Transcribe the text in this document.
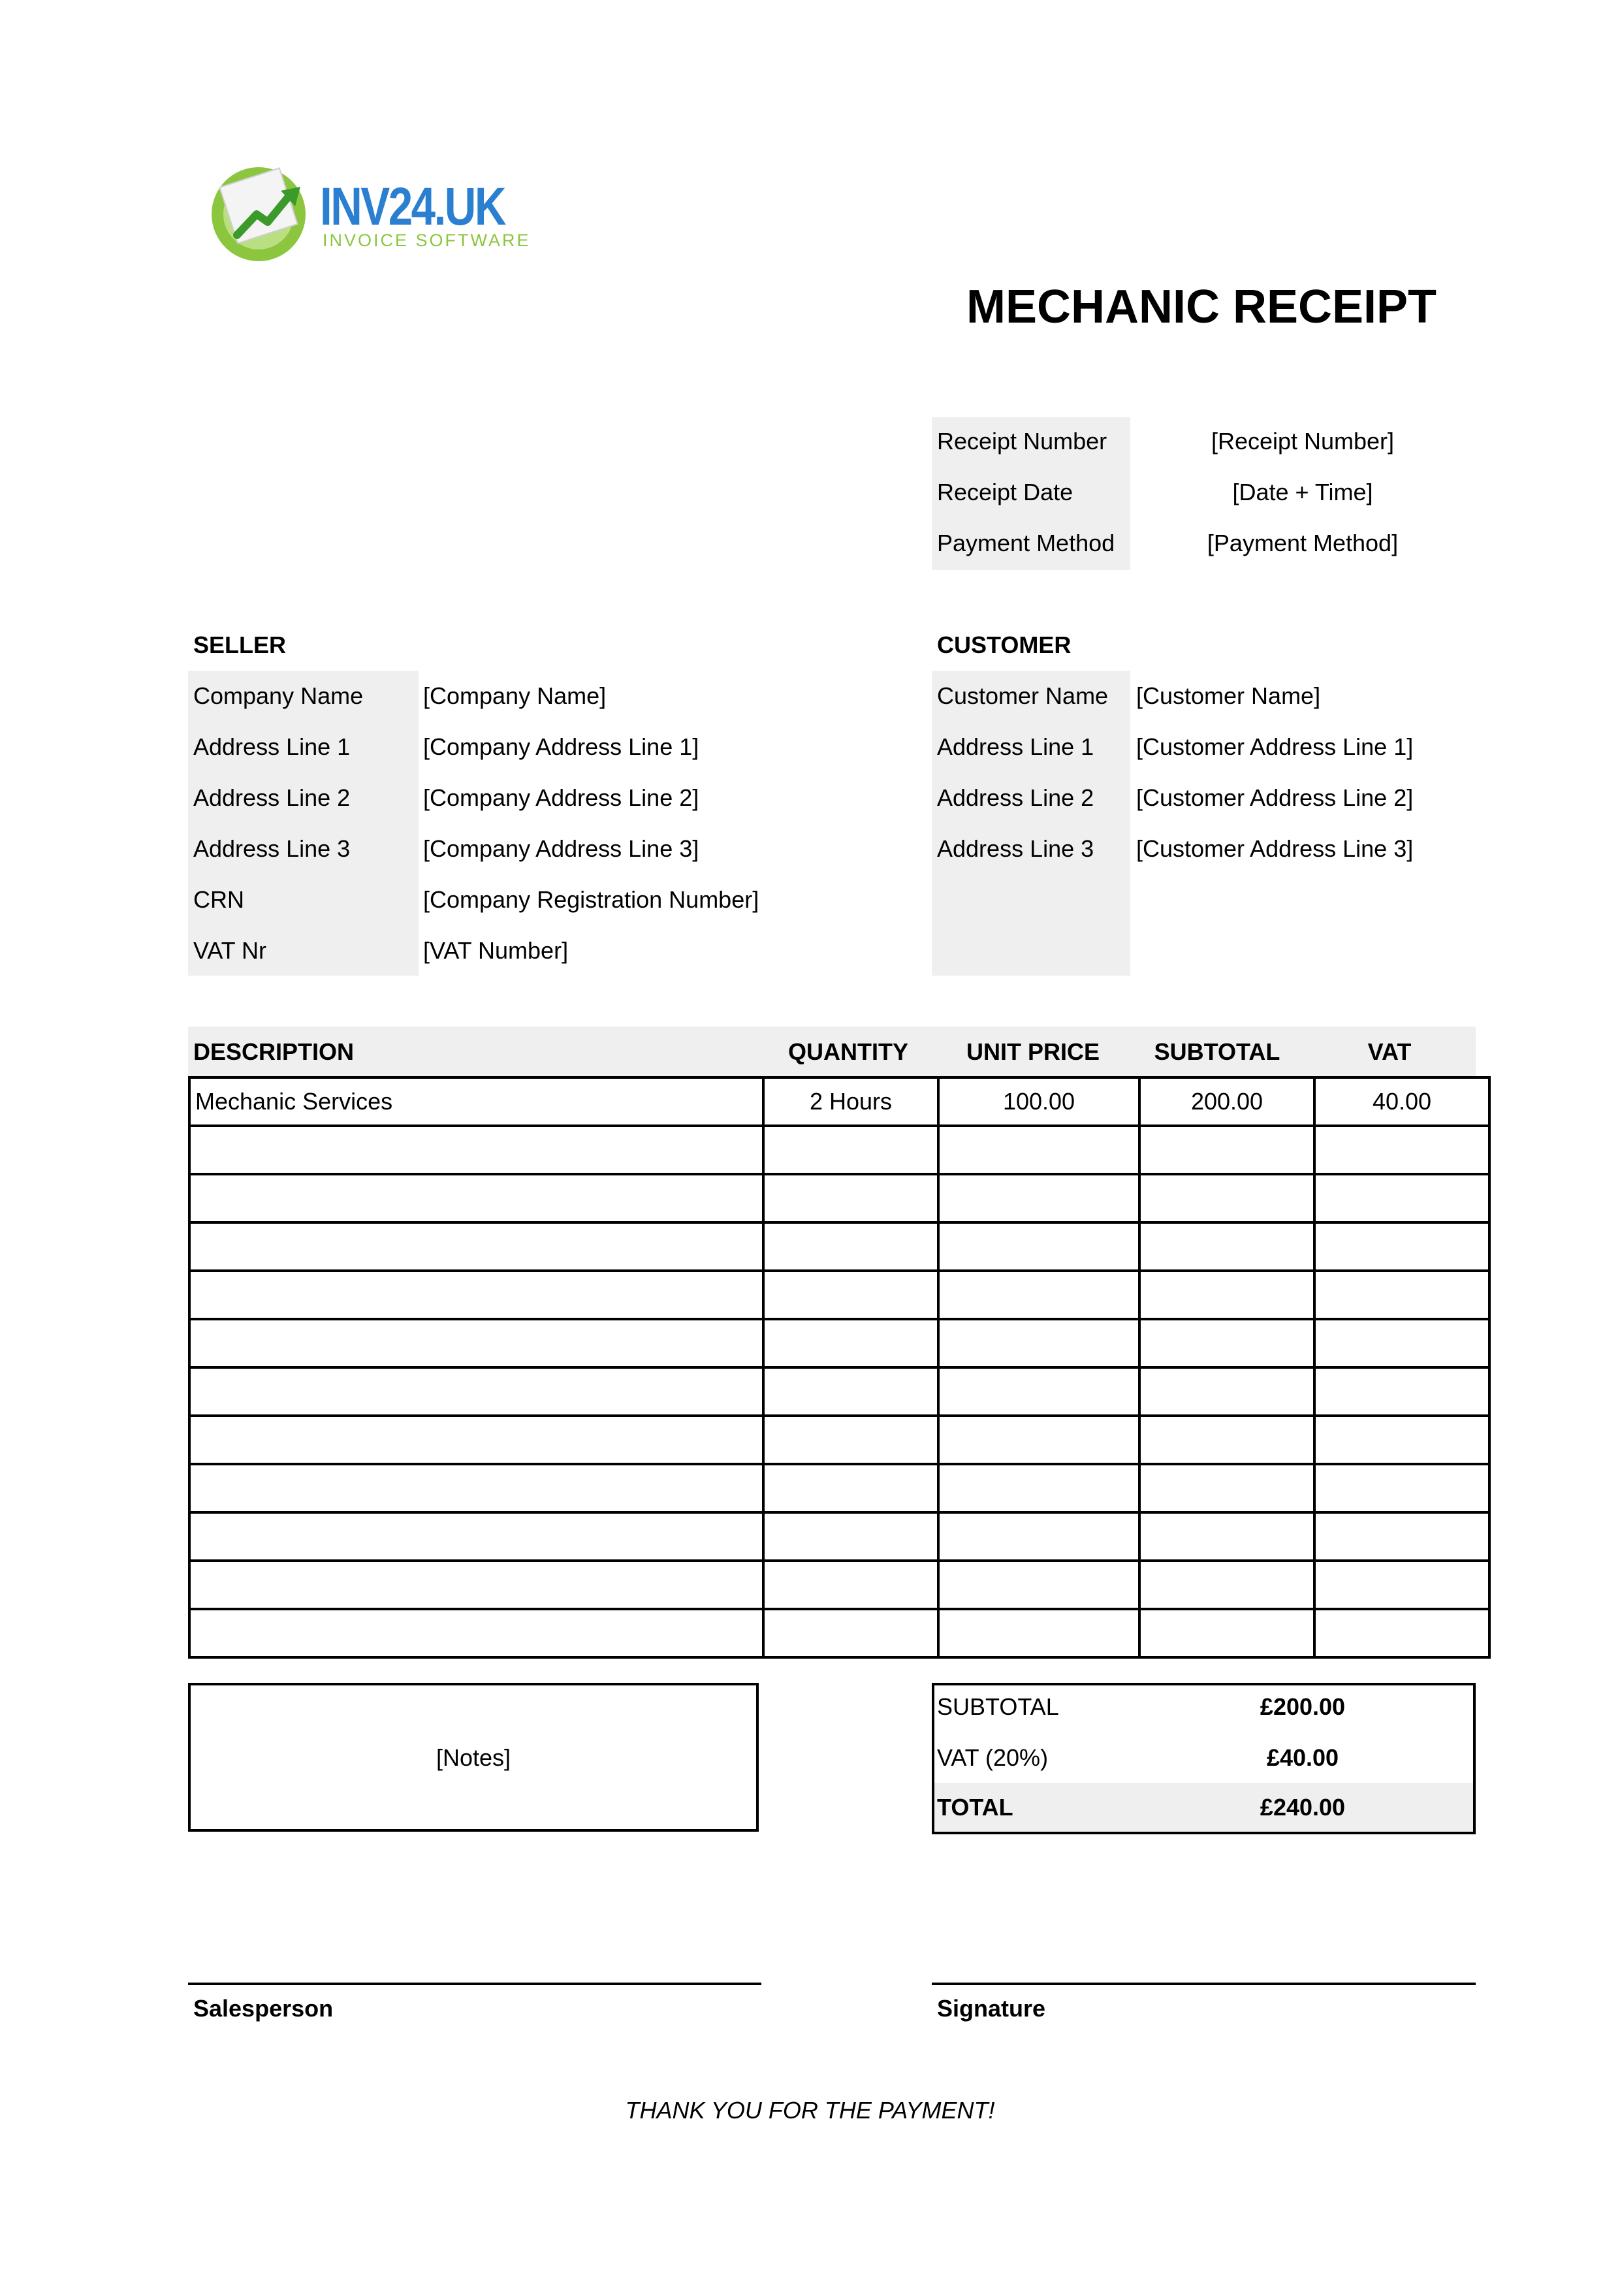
INV24.UK
INVOICE SOFTWARE
MECHANIC RECEIPT
Receipt Number	[Receipt Number]
Receipt Date	[Date + Time]
Payment Method	[Payment Method]
SELLER
Company Name	[Company Name]
Address Line 1	[Company Address Line 1]
Address Line 2	[Company Address Line 2]
Address Line 3	[Company Address Line 3]
CRN	[Company Registration Number]
VAT Nr	[VAT Number]
CUSTOMER
Customer Name [Customer Name]
Address Line 1 [Customer Address Line 1]
Address Line 2 [Customer Address Line 2]
Address Line 3 [Customer Address Line 3]
DESCRIPTION	QUANTITY	UNIT PRICE	SUBTOTAL	VAT
Mechanic Services	2 Hours	100.00	200.00	40.00

[Notes]
SUBTOTAL	£200.00
VAT (20%)	£40.00
TOTAL	£240.00
Salesperson	Signature
THANK YOU FOR THE PAYMENT!
